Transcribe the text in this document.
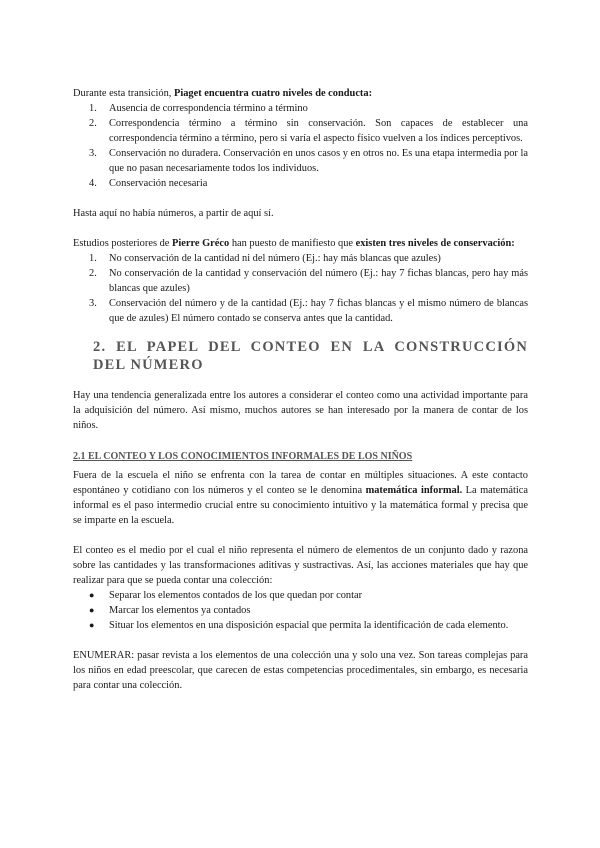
Durante esta transición, Piaget encuentra cuatro niveles de conducta:

1. Ausencia de correspondencia término a término
2. Correspondencia término a término sin conservación. Son capaces de establecer una correspondencia término a término, pero si varía el aspecto físico vuelven a los índices perceptivos.
3. Conservación no duradera. Conservación en unos casos y en otros no. Es una etapa intermedia por la que no pasan necesariamente todos los individuos.
4. Conservación necesaria

Hasta aquí no había números, a partir de aquí sí.

Estudios posteriores de Pierre Gréco han puesto de manifiesto que existen tres niveles de conservación:

1. No conservación de la cantidad ni del número (Ej.: hay más blancas que azules)
2. No conservación de la cantidad y conservación del número (Ej.: hay 7 fichas blancas, pero hay más blancas que azules)
3. Conservación del número y de la cantidad (Ej.: hay 7 fichas blancas y el mismo número de blancas que de azules) El número contado se conserva antes que la cantidad.
2. EL PAPEL DEL CONTEO EN LA CONSTRUCCIÓN DEL NÚMERO

Hay una tendencia generalizada entre los autores a considerar el conteo como una actividad importante para la adquisición del número. Así mismo, muchos autores se han interesado por la manera de contar de los niños.

2.1 EL CONTEO Y LOS CONOCIMIENTOS INFORMALES DE LOS NIÑOS

Fuera de la escuela el niño se enfrenta con la tarea de contar en múltiples situaciones. A este contacto espontáneo y cotidiano con los números y el conteo se le denomina matemática informal. La matemática informal es el paso intermedio crucial entre su conocimiento intuitivo y la matemática formal y precisa que se imparte en la escuela.

El conteo es el medio por el cual el niño representa el número de elementos de un conjunto dado y razona sobre las cantidades y las transformaciones aditivas y sustractivas. Así, las acciones materiales que hay que realizar para que se pueda contar una colección:

● Separar los elementos contados de los que quedan por contar
● Marcar los elementos ya contados
● Situar los elementos en una disposición espacial que permita la identificación de cada elemento.

ENUMERAR: pasar revista a los elementos de una colección una y solo una vez. Son tareas complejas para los niños en edad preescolar, que carecen de estas competencias procedimentales, sin embargo, es necesaria para contar una colección.
